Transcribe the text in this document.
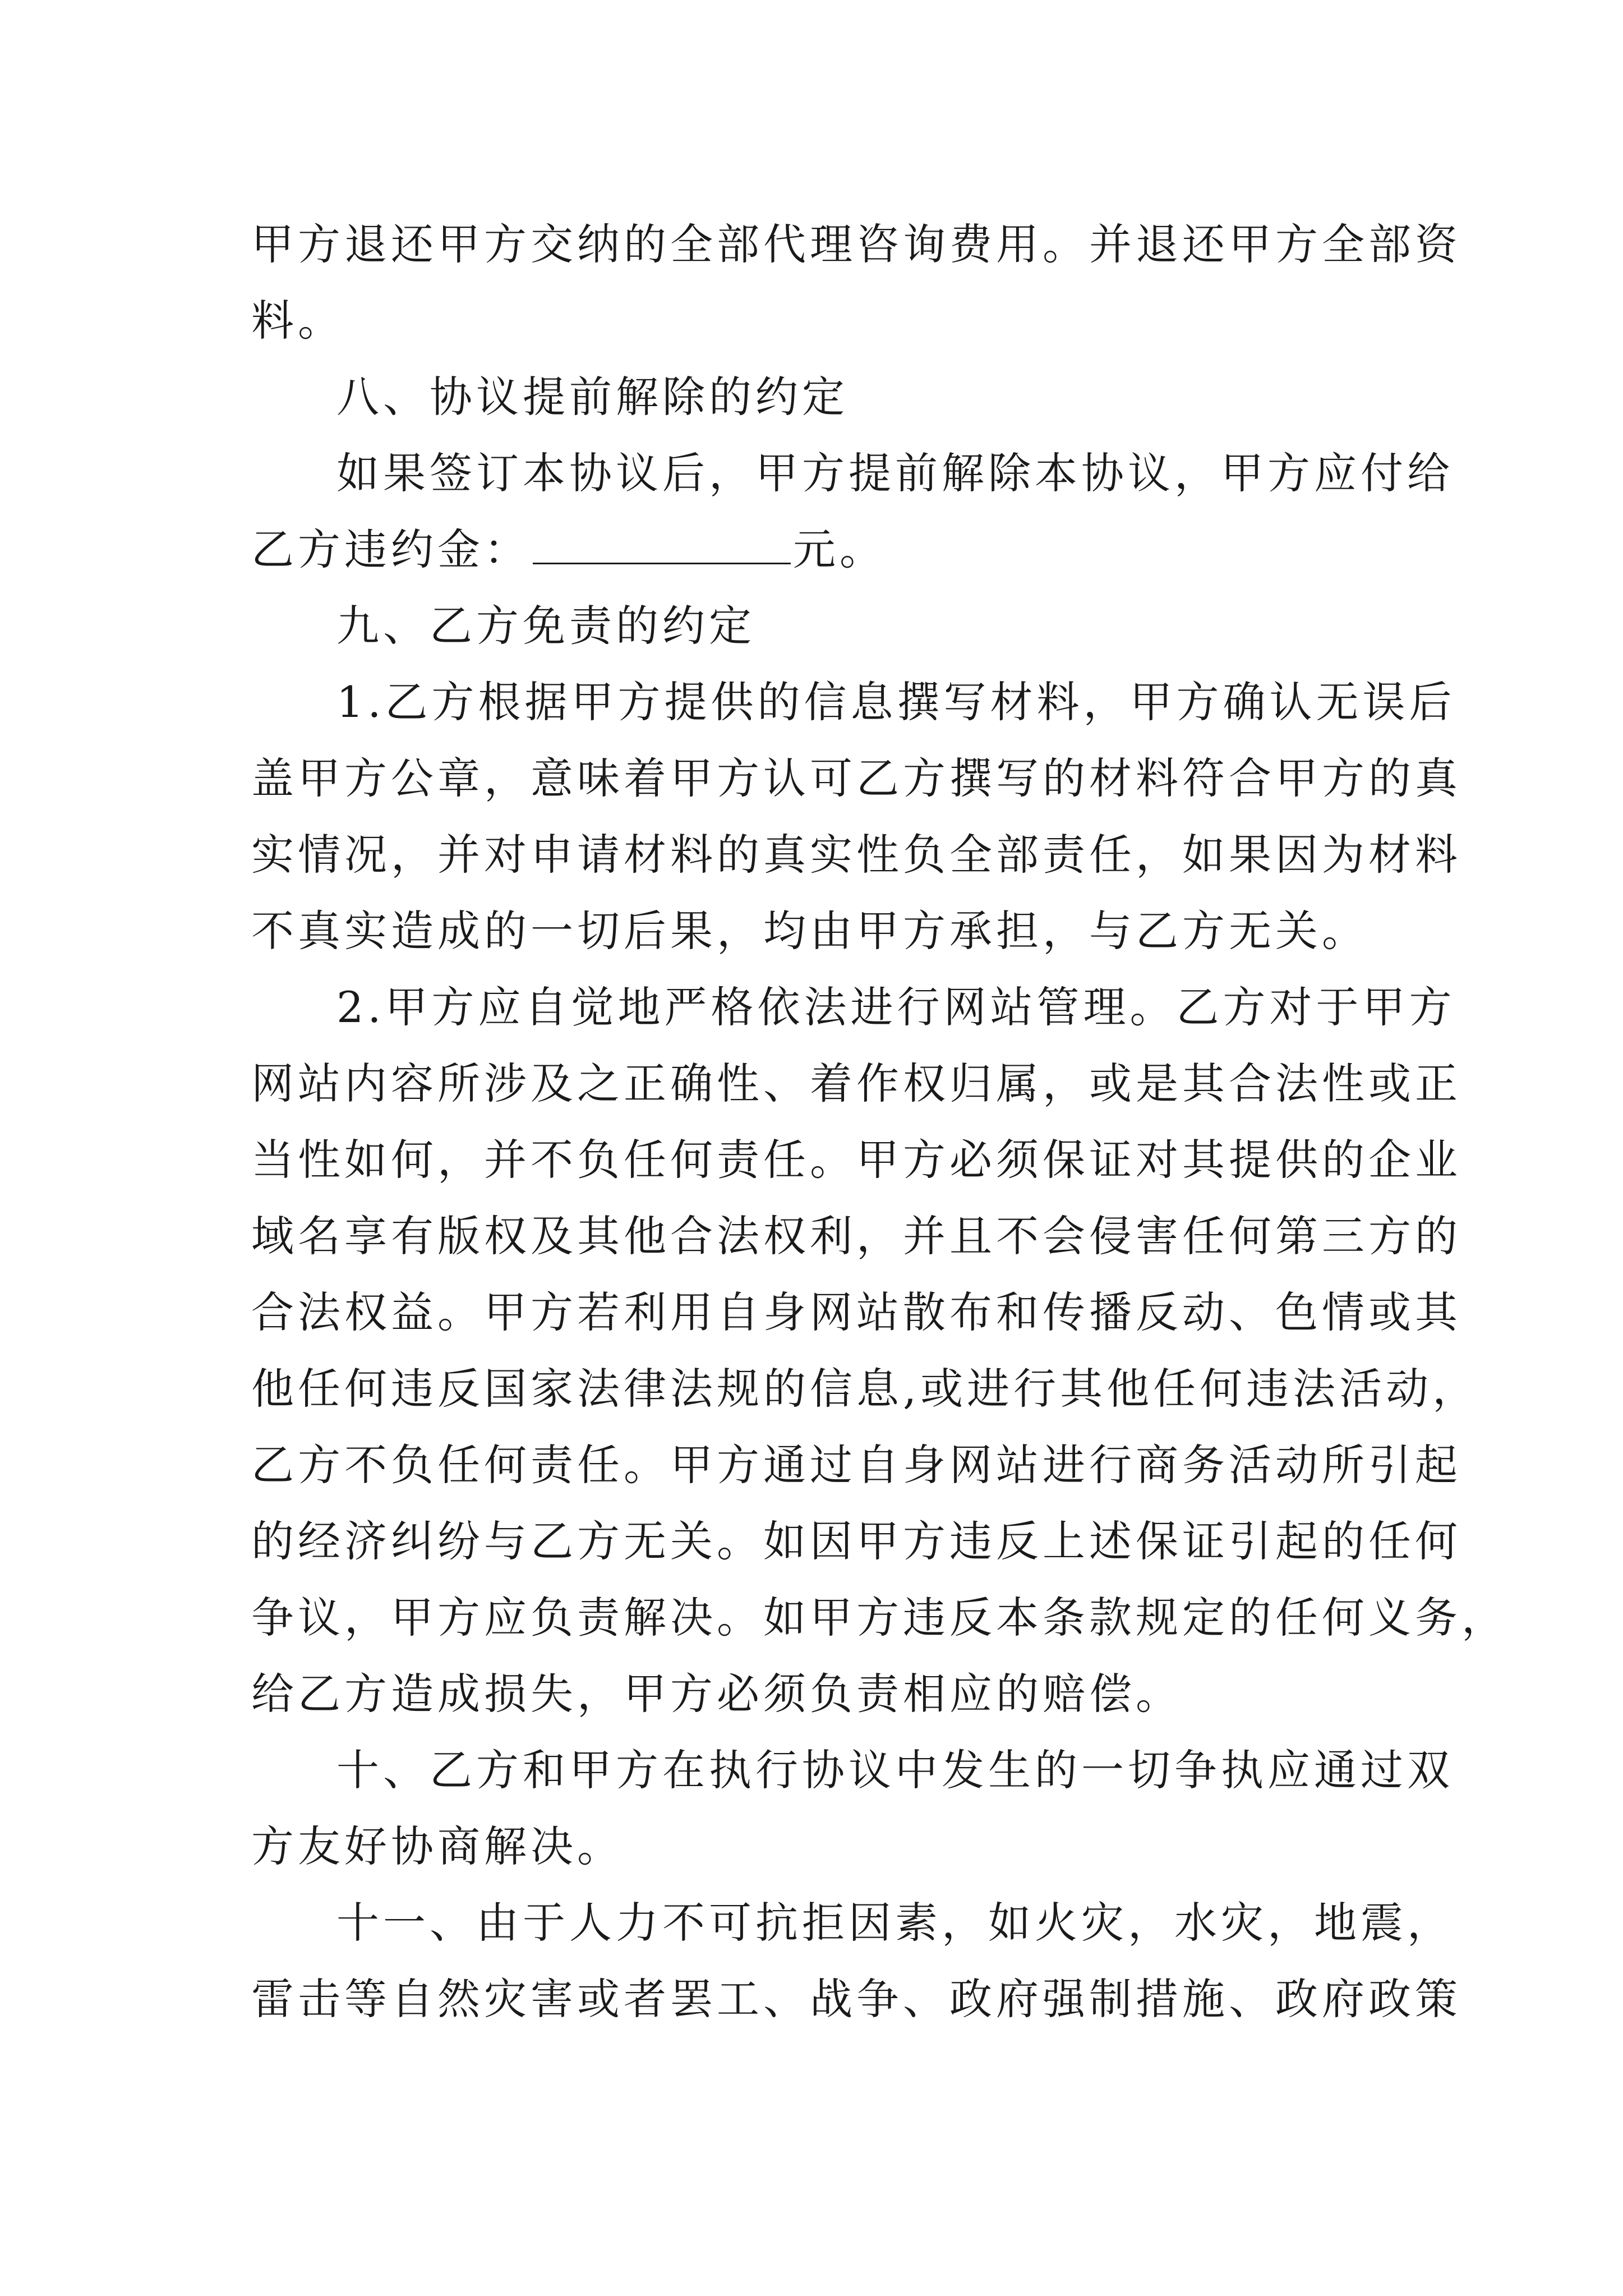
甲方退还甲方交纳的全部代理咨询费用。并退还甲方全部资
料。
八、协议提前解除的约定
如果签订本协议后，甲方提前解除本协议，甲方应付给
乙方违约金：	元。
九、乙方免责的约定
1.乙方根据甲方提供的信息撰写材料，甲方确认无误后
盖甲方公章，意味着甲方认可乙方撰写的材料符合甲方的真
实情况，并对申请材料的真实性负全部责任，如果因为材料
不真实造成的一切后果，均由甲方承担，与乙方无关。
2.甲方应自觉地严格依法进行网站管理。乙方对于甲方
网站内容所涉及之正确性、着作权归属，或是其合法性或正
当性如何，并不负任何责任。甲方必须保证对其提供的企业
域名享有版权及其他合法权利，并且不会侵害任何第三方的
合法权益。甲方若利用自身网站散布和传播反动、色情或其
他任何违反国家法律法规的信息,或进行其他任何违法活动，
乙方不负任何责任。甲方通过自身网站进行商务活动所引起
的经济纠纷与乙方无关。如因甲方违反上述保证引起的任何
争议，甲方应负责解决。如甲方违反本条款规定的任何义务，
给乙方造成损失，甲方必须负责相应的赔偿。
十、乙方和甲方在执行协议中发生的一切争执应通过双
方友好协商解决。
十一、由于人力不可抗拒因素，如火灾，水灾，地震，
雷击等自然灾害或者罢工、战争、政府强制措施、政府政策
